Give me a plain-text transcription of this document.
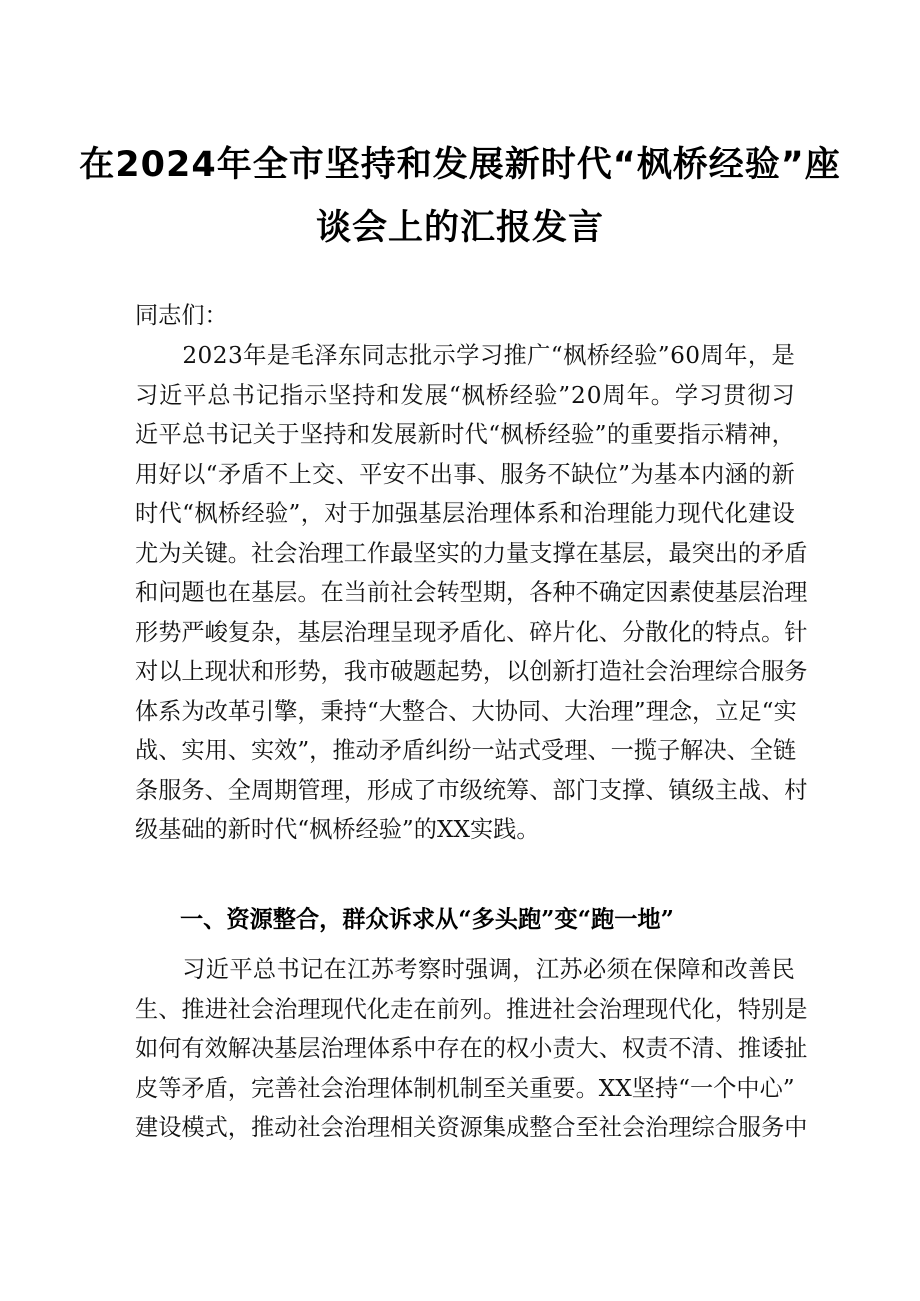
在2024年全市坚持和发展新时代“枫桥经验”座
谈会上的汇报发言
同志们：

2 0 2 3 年 是 毛 泽 东 同 志 批 示 学 习 推 广 “ 枫 桥 经 验 ” 6 0 周 年 ， 是
习 近 平 总 书 记 指 示 坚 持 和 发 展 “ 枫 桥 经 验 ” 2 0 周 年 。 学 习 贯 彻 习
近 平 总 书 记 关 于 坚 持 和 发 展 新 时 代 “ 枫 桥 经 验 ” 的 重 要 指 示 精 神 ，
用 好 以 “ 矛 盾 不 上 交 、 平 安 不 出 事 、 服 务 不 缺 位 ” 为 基 本 内 涵 的 新
时 代 “ 枫 桥 经 验 ” ， 对 于 加 强 基 层 治 理 体 系 和 治 理 能 力 现 代 化 建 设
尤 为 关 键 。 社 会 治 理 工 作 最 坚 实 的 力 量 支 撑 在 基 层 ， 最 突 出 的 矛 盾
和 问 题 也 在 基 层 。 在 当 前 社 会 转 型 期 ， 各 种 不 确 定 因 素 使 基 层 治 理
形 势 严 峻 复 杂 ， 基 层 治 理 呈 现 矛 盾 化 、 碎 片 化 、 分 散 化 的 特 点 。 针
对 以 上 现 状 和 形 势 ， 我 市 破 题 起 势 ， 以 创 新 打 造 社 会 治 理 综 合 服 务
体 系 为 改 革 引 擎 ， 秉 持 “ 大 整 合 、 大 协 同 、 大 治 理 ” 理 念 ， 立 足 “ 实
战 、 实 用 、 实 效 ” ， 推 动 矛 盾 纠 纷 一 站 式 受 理 、 一 揽 子 解 决 、 全 链
条 服 务 、 全 周 期 管 理 ， 形 成 了 市 级 统 筹 、 部 门 支 撑 、 镇 级 主 战 、 村
级基础的新时代“枫桥经验”的XX实践。
一、资源整合，群众诉求从“多头跑”变“跑一地”

习 近 平 总 书 记 在 江 苏 考 察 时 强 调 ， 江 苏 必 须 在 保 障 和 改 善 民
生 、 推 进 社 会 治 理 现 代 化 走 在 前 列 。 推 进 社 会 治 理 现 代 化 ， 特 别 是
如 何 有 效 解 决 基 层 治 理 体 系 中 存 在 的 权 小 责 大 、 权 责 不 清 、 推 诿 扯
皮 等 矛 盾 ， 完 善 社 会 治 理 体 制 机 制 至 关 重 要 。 X X 坚 持 “ 一 个 中 心 ”
建 设 模 式 ， 推 动 社 会 治 理 相 关 资 源 集 成 整 合 至 社 会 治 理 综 合 服 务 中
